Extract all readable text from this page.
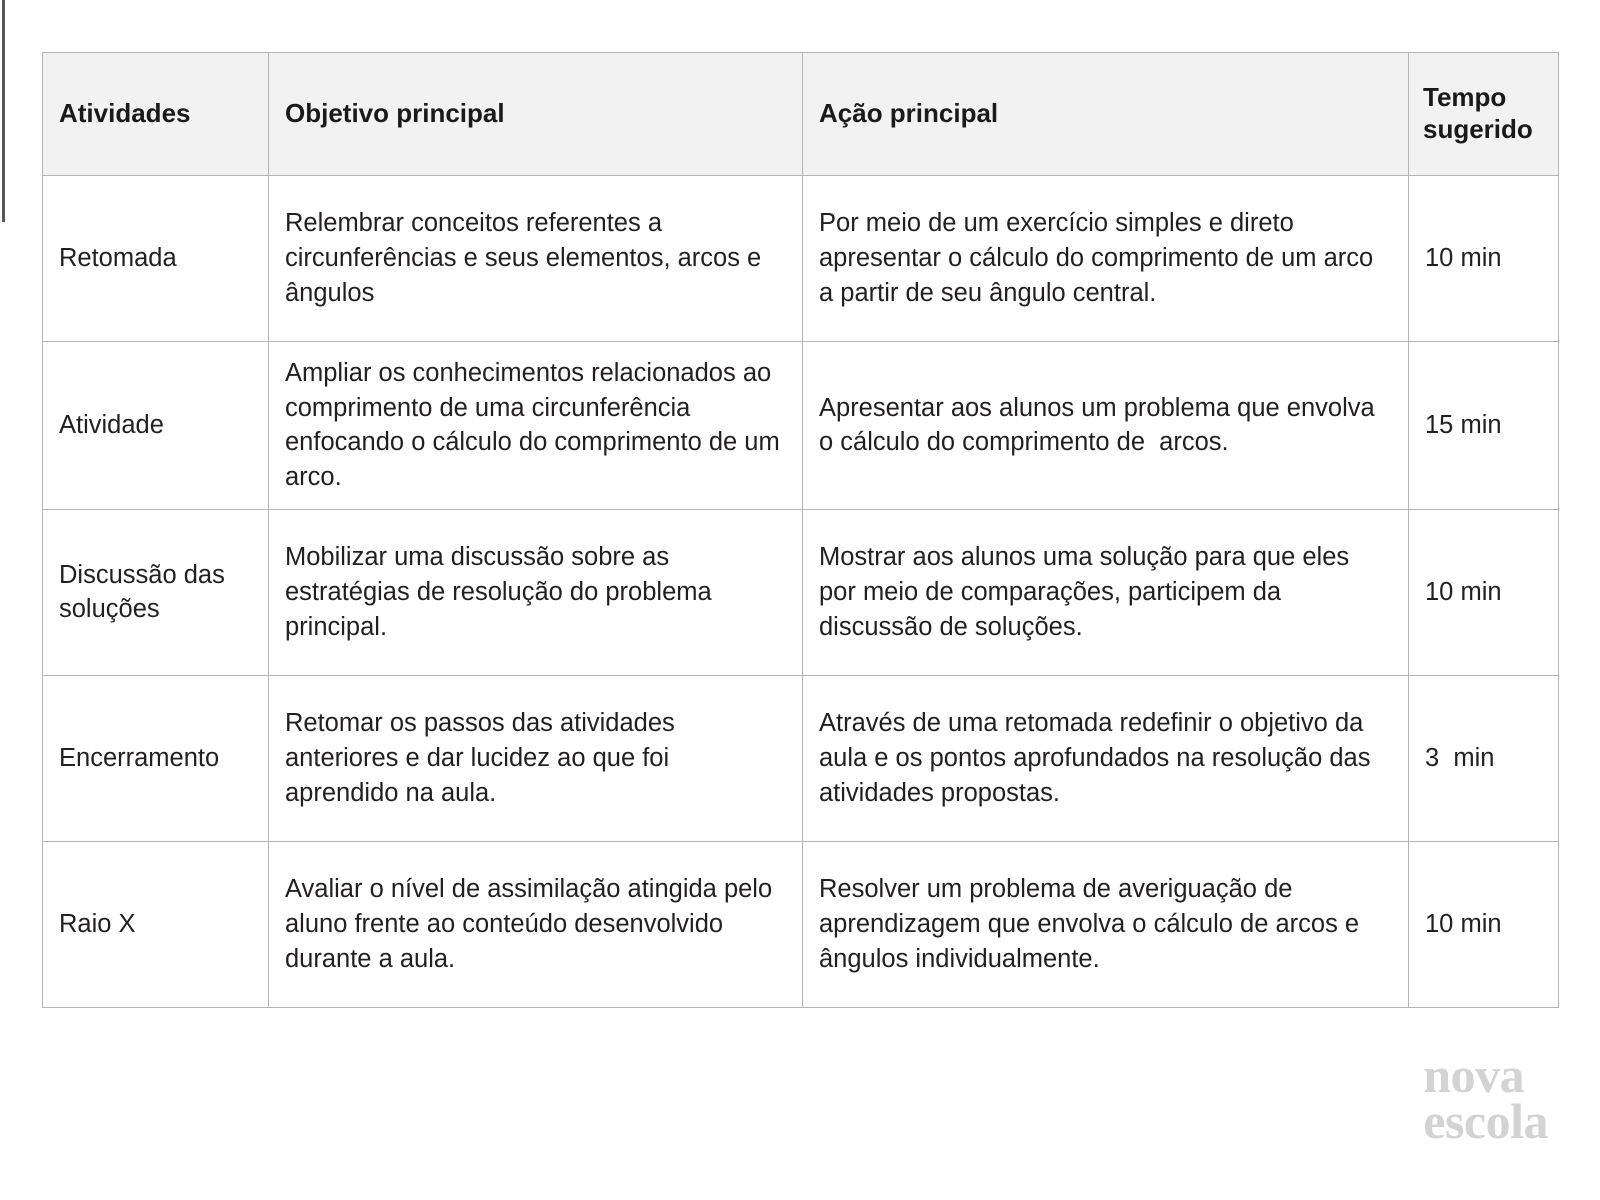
Atividades	Objetivo principal	Ação principal	Tempo sugerido
Retomada	Relembrar conceitos referentes a circunferências e seus elementos, arcos e ângulos	Por meio de um exercício simples e direto apresentar o cálculo do comprimento de um arco a partir de seu ângulo central.	10 min
Atividade	Ampliar os conhecimentos relacionados ao comprimento de uma circunferência enfocando o cálculo do comprimento de um arco.	Apresentar aos alunos um problema que envolva o cálculo do comprimento de  arcos.	15 min
Discussão das soluções	Mobilizar uma discussão sobre as estratégias de resolução do problema principal.	Mostrar aos alunos uma solução para que eles por meio de comparações, participem da discussão de soluções.	10 min
Encerramento	Retomar os passos das atividades anteriores e dar lucidez ao que foi aprendido na aula.	Através de uma retomada redefinir o objetivo da aula e os pontos aprofundados na resolução das atividades propostas.	3  min
Raio X	Avaliar o nível de assimilação atingida pelo aluno frente ao conteúdo desenvolvido durante a aula.	Resolver um problema de averiguação de aprendizagem que envolva o cálculo de arcos e ângulos individualmente.	10 min
nova
escola
